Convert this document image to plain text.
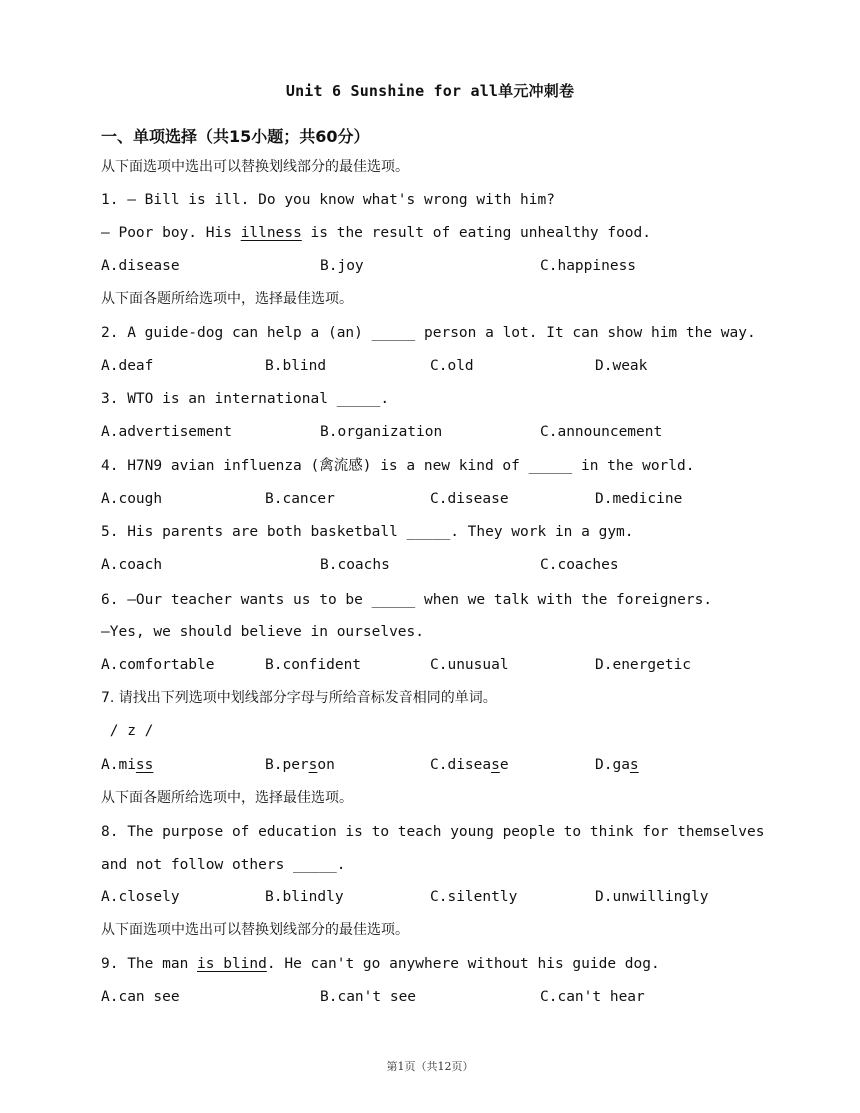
Unit 6 Sunshine for all单元冲刺卷
一、单项选择（共15小题；共60分）
从下面选项中选出可以替换划线部分的最佳选项。
1. — Bill is ill. Do you know what's wrong with him?
— Poor boy. His illness is the result of eating unhealthy food.
A.disease	B.joy	C.happiness
从下面各题所给选项中，选择最佳选项。
2. A guide-dog can help a (an) _____ person a lot. It can show him the way.
A.deaf	B.blind	C.old	D.weak
3. WTO is an international _____.
A.advertisement	B.organization	C.announcement
4. H7N9 avian influenza (禽流感) is a new kind of _____ in the world.
A.cough	B.cancer	C.disease	D.medicine
5. His parents are both basketball _____. They work in a gym.
A.coach	B.coachs	C.coaches
6. —Our teacher wants us to be _____ when we talk with the foreigners.
—Yes, we should believe in ourselves.
A.comfortable	B.confident	C.unusual	D.energetic
7. 请找出下列选项中划线部分字母与所给音标发音相同的单词。
/ z /
A.miss	B.person	C.disease	D.gas
从下面各题所给选项中，选择最佳选项。
8. The purpose of education is to teach young people to think for themselves
and not follow others _____.
A.closely	B.blindly	C.silently	D.unwillingly
从下面选项中选出可以替换划线部分的最佳选项。
9. The man is blind. He can't go anywhere without his guide dog.
A.can see	B.can't see	C.can't hear
第1页（共12页）
